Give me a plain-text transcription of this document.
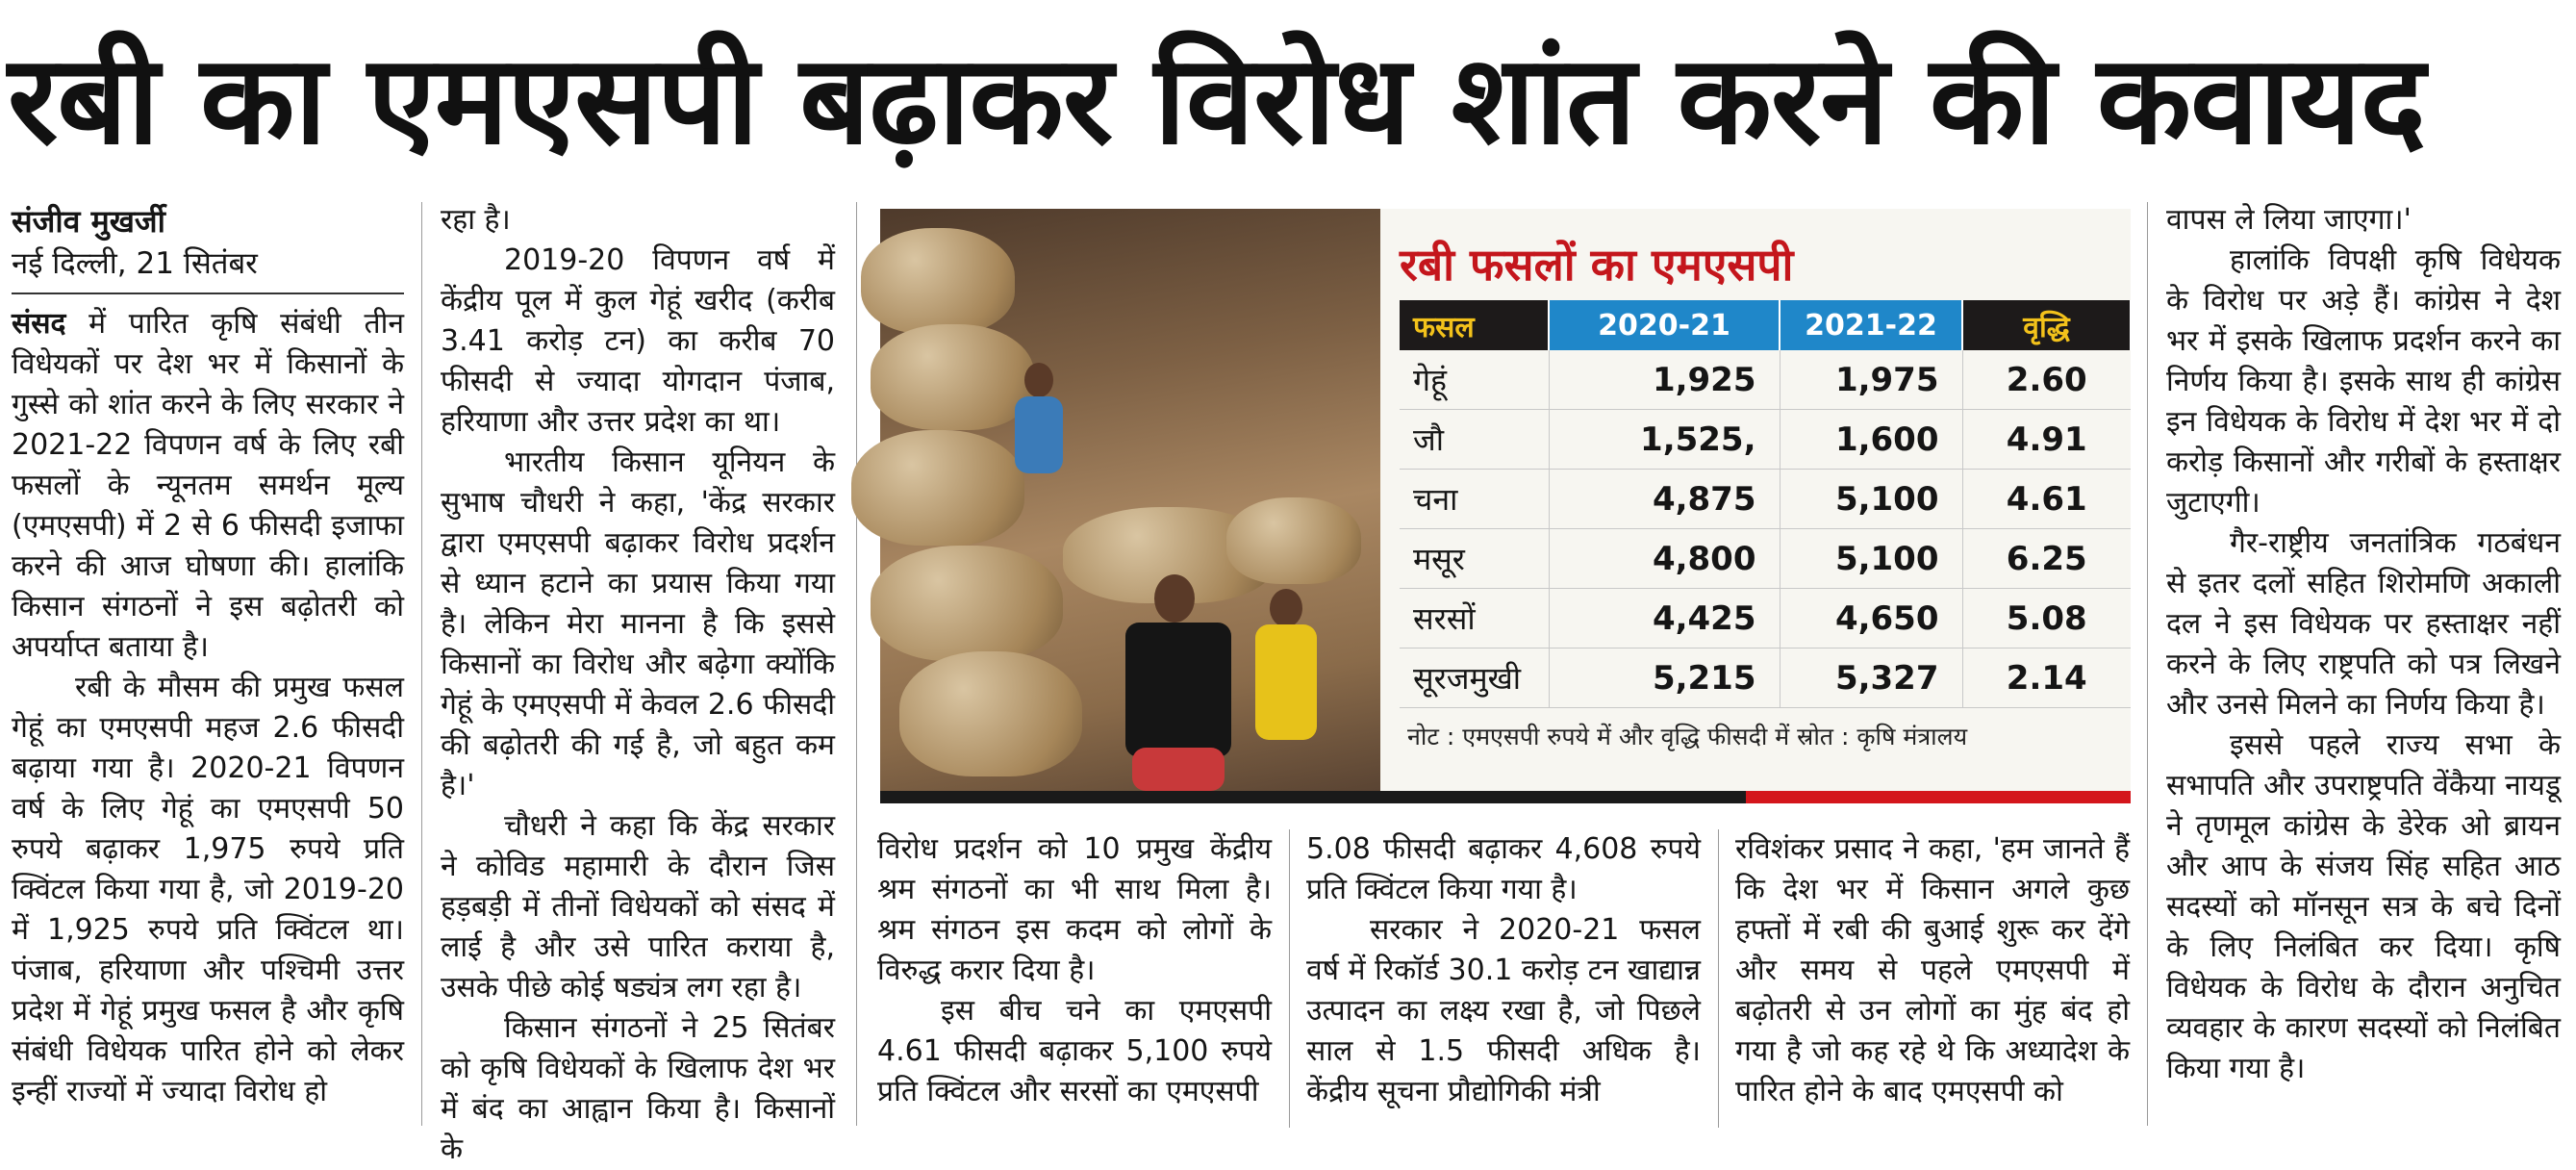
रबी का एमएसपी बढ़ाकर विरोध शांत करने की कवायद
संजीव मुखर्जी
नई दिल्ली, 21 सितंबर

संसद में पारित कृषि संबंधी तीन विधेयकों पर देश भर में किसानों के गुस्से को शांत करने के लिए सरकार ने 2021-22 विपणन वर्ष के लिए रबी फसलों के न्यूनतम समर्थन मूल्य (एमएसपी) में 2 से 6 फीसदी इजाफा करने की आज घोषणा की। हालांकि किसान संगठनों ने इस बढ़ोतरी को अपर्याप्त बताया है।

रबी के मौसम की प्रमुख फसल गेहूं का एमएसपी महज 2.6 फीसदी बढ़ाया गया है। 2020-21 विपणन वर्ष के लिए गेहूं का एमएसपी 50 रुपये बढ़ाकर 1,975 रुपये प्रति क्विंटल किया गया है, जो 2019-20 में 1,925 रुपये प्रति क्विंटल था। पंजाब, हरियाणा और पश्चिमी उत्तर प्रदेश में गेहूं प्रमुख फसल है और कृषि संबंधी विधेयक पारित होने को लेकर इन्हीं राज्यों में ज्यादा विरोध हो

रहा है।

2019-20 विपणन वर्ष में केंद्रीय पूल में कुल गेहूं खरीद (करीब 3.41 करोड़ टन) का करीब 70 फीसदी से ज्यादा योगदान पंजाब, हरियाणा और उत्तर प्रदेश का था।

भारतीय किसान यूनियन के सुभाष चौधरी ने कहा, 'केंद्र सरकार द्वारा एमएसपी बढ़ाकर विरोध प्रदर्शन से ध्यान हटाने का प्रयास किया गया है। लेकिन मेरा मानना है कि इससे किसानों का विरोध और बढ़ेगा क्योंकि गेहूं के एमएसपी में केवल 2.6 फीसदी की बढ़ोतरी की गई है, जो बहुत कम है।'

चौधरी ने कहा कि केंद्र सरकार ने कोविड महामारी के दौरान जिस हड़बड़ी में तीनों विधेयकों को संसद में लाई है और उसे पारित कराया है, उसके पीछे कोई षड्यंत्र लग रहा है।

किसान संगठनों ने 25 सितंबर को कृषि विधेयकों के खिलाफ देश भर में बंद का आह्वान किया है। किसानों के

रबी फसलों का एमएसपी
फसल	2020-21	2021-22	वृद्धि
गेहूं	1,925	1,975	2.60
जौ	1,525,	1,600	4.91
चना	4,875	5,100	4.61
मसूर	4,800	5,100	6.25
सरसों	4,425	4,650	5.08
सूरजमुखी	5,215	5,327	2.14
नोट : एमएसपी रुपये में और वृद्धि फीसदी में स्रोत : कृषि मंत्रालय

विरोध प्रदर्शन को 10 प्रमुख केंद्रीय श्रम संगठनों का भी साथ मिला है। श्रम संगठन इस कदम को लोगों के विरुद्ध करार दिया है।

इस बीच चने का एमएसपी 4.61 फीसदी बढ़ाकर 5,100 रुपये प्रति क्विंटल और सरसों का एमएसपी

5.08 फीसदी बढ़ाकर 4,608 रुपये प्रति क्विंटल किया गया है।

सरकार ने 2020-21 फसल वर्ष में रिकॉर्ड 30.1 करोड़ टन खाद्यान्न उत्पादन का लक्ष्य रखा है, जो पिछले साल से 1.5 फीसदी अधिक है। केंद्रीय सूचना प्रौद्योगिकी मंत्री

रविशंकर प्रसाद ने कहा, 'हम जानते हैं कि देश भर में किसान अगले कुछ हफ्तों में रबी की बुआई शुरू कर देंगे और समय से पहले एमएसपी में बढ़ोतरी से उन लोगों का मुंह बंद हो गया है जो कह रहे थे कि अध्यादेश के पारित होने के बाद एमएसपी को

वापस ले लिया जाएगा।'

हालांकि विपक्षी कृषि विधेयक के विरोध पर अड़े हैं। कांग्रेस ने देश भर में इसके खिलाफ प्रदर्शन करने का निर्णय किया है। इसके साथ ही कांग्रेस इन विधेयक के विरोध में देश भर में दो करोड़ किसानों और गरीबों के हस्ताक्षर जुटाएगी।

गैर-राष्ट्रीय जनतांत्रिक गठबंधन से इतर दलों सहित शिरोमणि अकाली दल ने इस विधेयक पर हस्ताक्षर नहीं करने के लिए राष्ट्रपति को पत्र लिखने और उनसे मिलने का निर्णय किया है।

इससे पहले राज्य सभा के सभापति और उपराष्ट्रपति वेंकैया नायडू ने तृणमूल कांग्रेस के डेरेक ओ ब्रायन और आप के संजय सिंह सहित आठ सदस्यों को मॉनसून सत्र के बचे दिनों के लिए निलंबित कर दिया। कृषि विधेयक के विरोध के दौरान अनुचित व्यवहार के कारण सदस्यों को निलंबित किया गया है।
